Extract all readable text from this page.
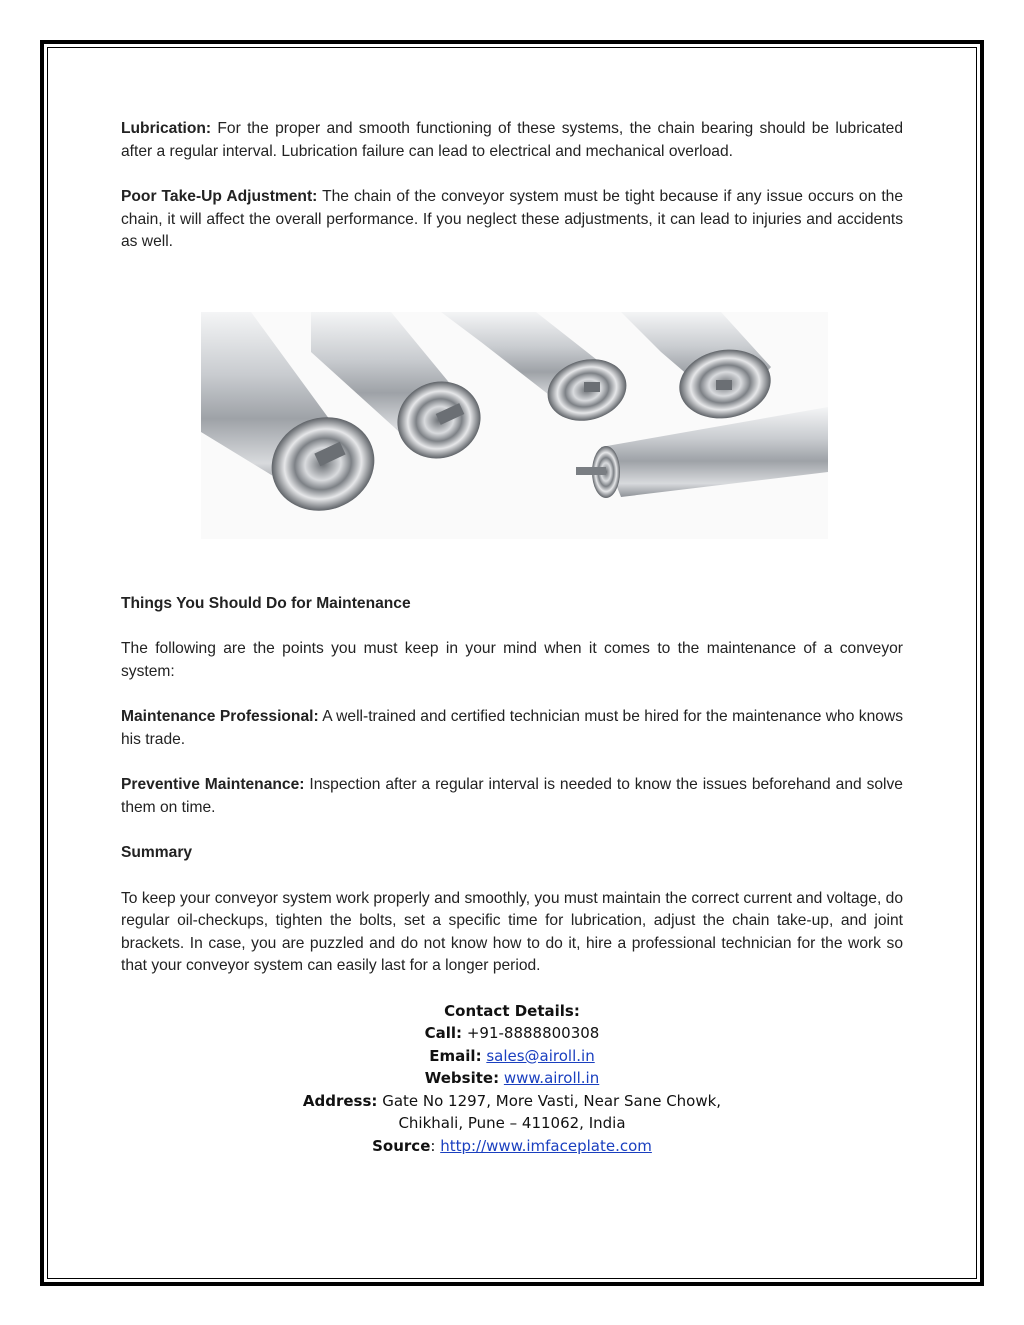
Lubrication: For the proper and smooth functioning of these systems, the chain bearing should be lubricated after a regular interval. Lubrication failure can lead to electrical and mechanical overload.

Poor Take-Up Adjustment: The chain of the conveyor system must be tight because if any issue occurs on the chain, it will affect the overall performance. If you neglect these adjustments, it can lead to injuries and accidents as well.

Things You Should Do for Maintenance

The following are the points you must keep in your mind when it comes to the maintenance of a conveyor system:

Maintenance Professional: A well-trained and certified technician must be hired for the maintenance who knows his trade.

Preventive Maintenance: Inspection after a regular interval is needed to know the issues beforehand and solve them on time.

Summary

To keep your conveyor system work properly and smoothly, you must maintain the correct current and voltage, do regular oil-checkups, tighten the bolts, set a specific time for lubrication, adjust the chain take-up, and joint brackets. In case, you are puzzled and do not know how to do it, hire a professional technician for the work so that your conveyor system can easily last for a longer period.

Contact Details:
Call: +91-8888800308
Email: sales@airoll.in
Website: www.airoll.in
Address: Gate No 1297, More Vasti, Near Sane Chowk,
Chikhali, Pune – 411062, India
Source: http://www.imfaceplate.com
